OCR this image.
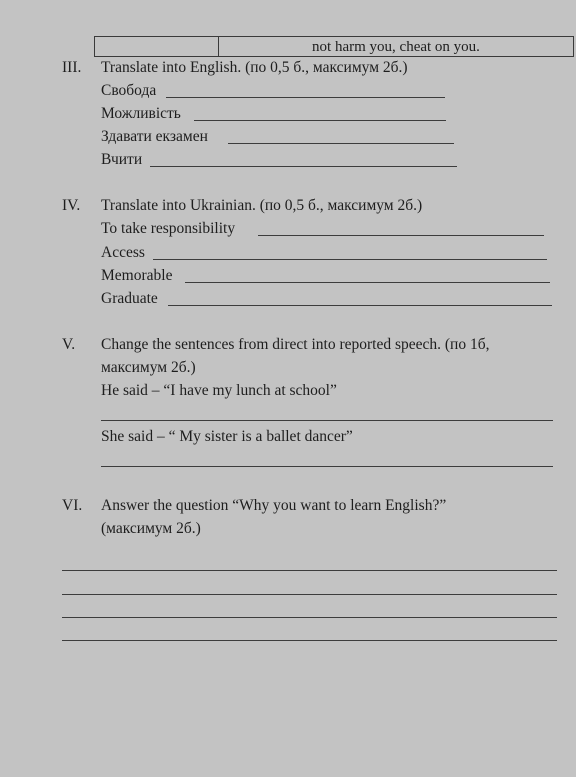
not harm you, cheat on you.
III. Translate into English. (по 0,5 б., максимум 2б.)
Свобода
Можливість
Здавати екзамен
Вчити
IV. Translate into Ukrainian. (по 0,5 б., максимум 2б.)
To take responsibility
Access
Memorable
Graduate
V. Change the sentences from direct into reported speech. (по 1б,
максимум 2б.)
He said – “I have my lunch at school”
She said – “ My sister is a ballet dancer”
VI. Answer the question “Why you want to learn English?”
(максимум 2б.)
